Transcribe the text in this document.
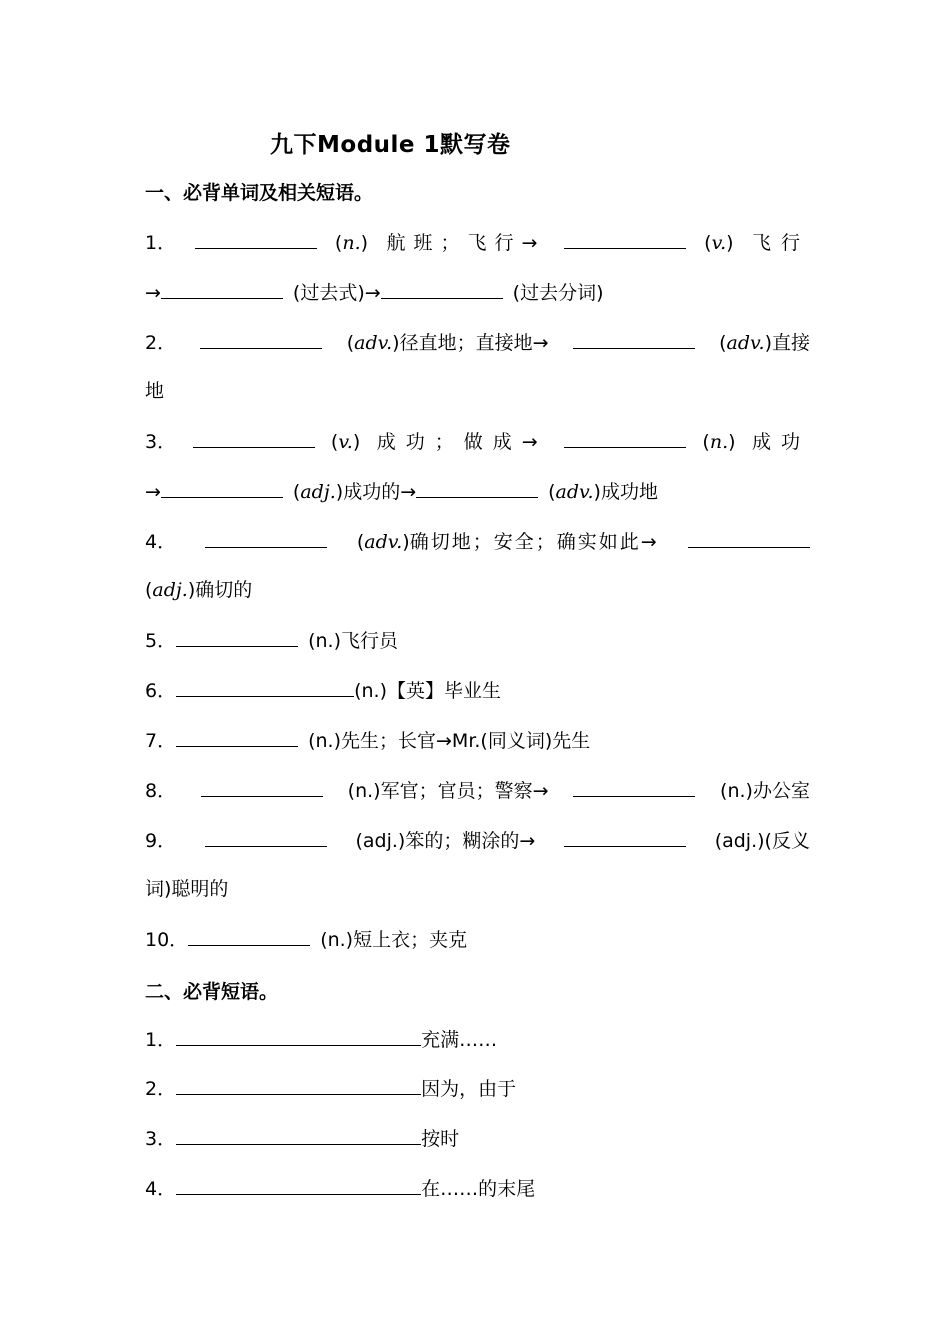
九下Module 1默写卷
一、必背单词及相关短语。
1．	(n.) 航班；飞行→	(v.) 飞行
→	(过去式)→	(过去分词)
2．	(adv.)径直地；直接地→	(adv.)直接
地
3．	(v.) 成功；做成→	(n.) 成功
→	(adj.)成功的→	(adv.)成功地
4．	(adv.)确切地；安全；确实如此→
(adj.)确切的
5．	(n.)飞行员
6．	(n.)【英】毕业生
7．	(n.)先生；长官→Mr.(同义词)先生
8．	(n.)军官；官员；警察→	(n.)办公室
9．	(adj.)笨的；糊涂的→	(adj.)(反义
词)聪明的
10．	(n.)短上衣；夹克
二、必背短语。
1．	充满……
2．	因为，由于
3．	按时
4．	在……的末尾
